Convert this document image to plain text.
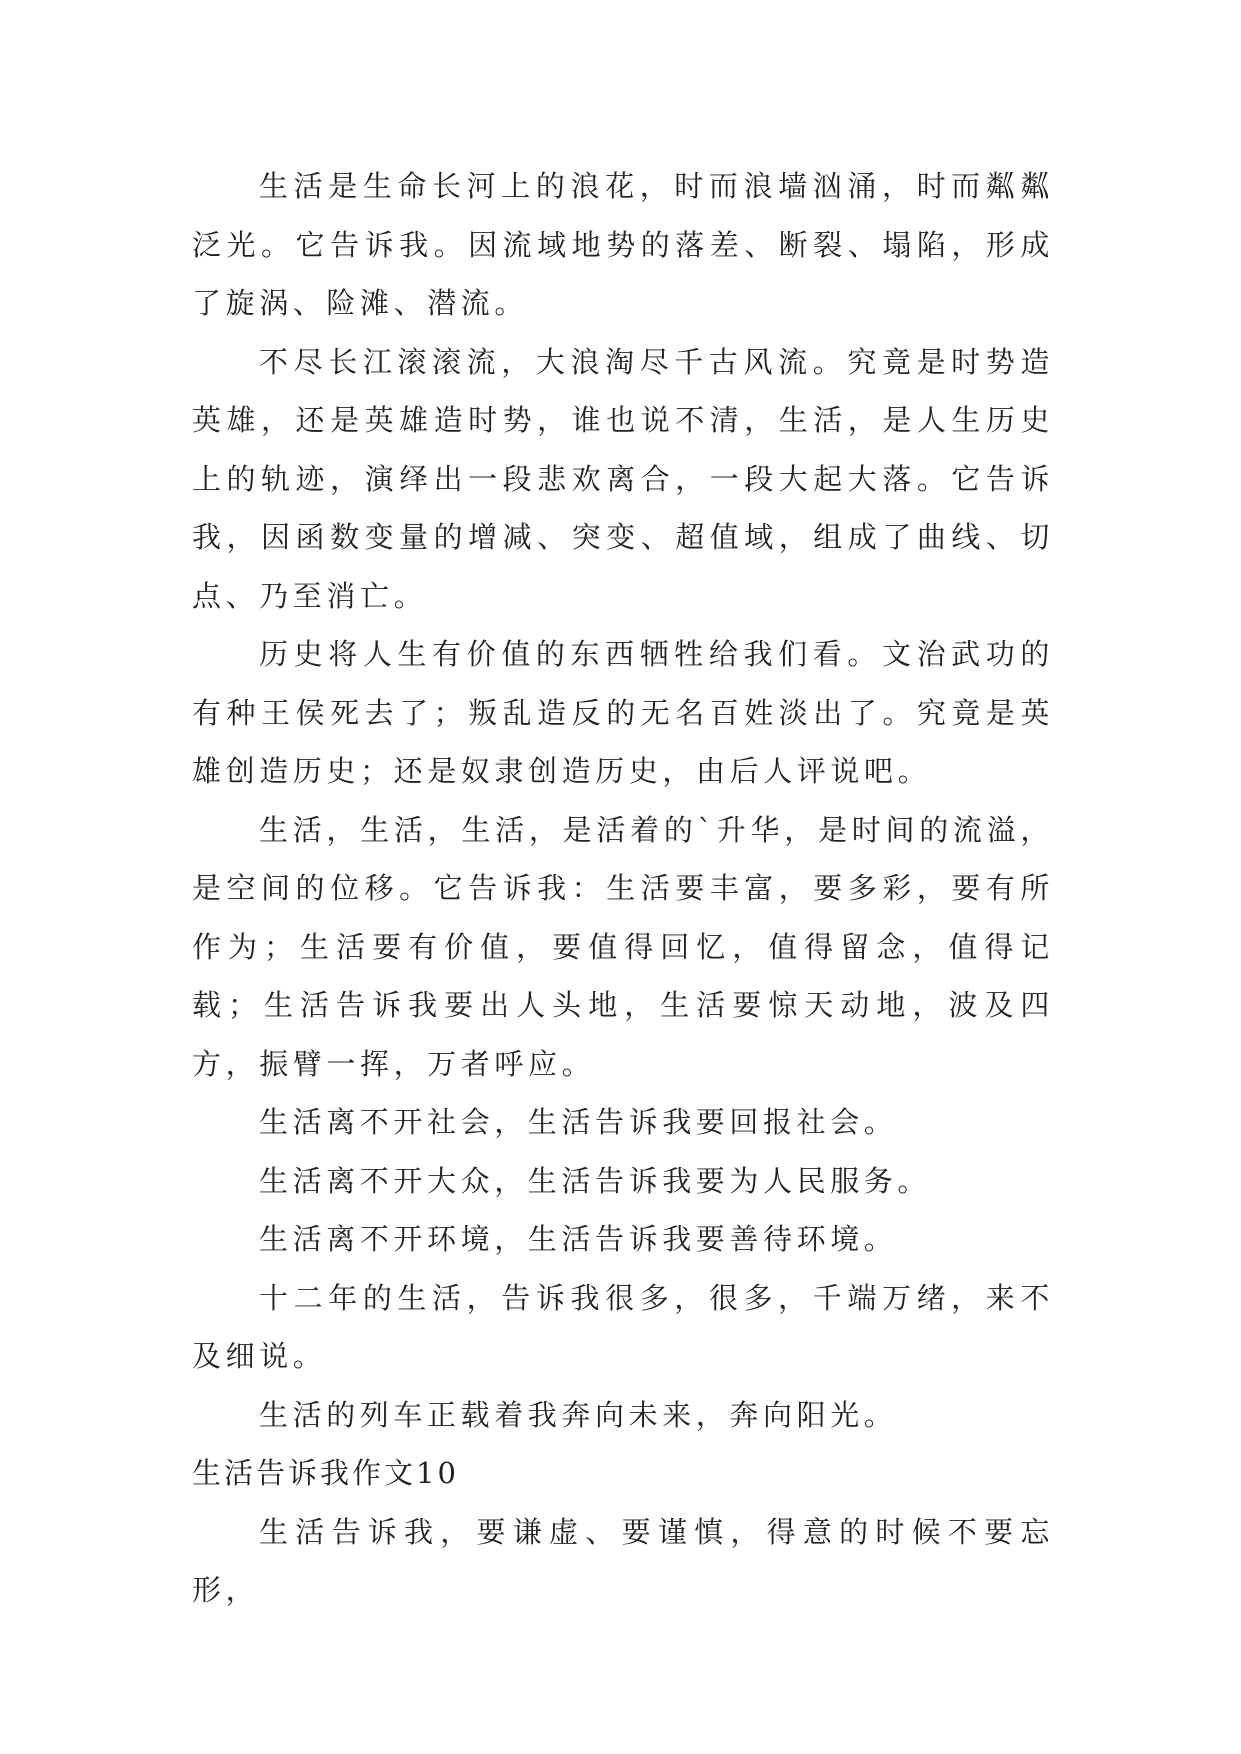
生活是生命长河上的浪花，时而浪墙汹涌，时而粼粼泛光。它告诉我。因流域地势的落差、断裂、塌陷，形成了旋涡、险滩、潜流。

不尽长江滚滚流，大浪淘尽千古风流。究竟是时势造英雄，还是英雄造时势，谁也说不清，生活，是人生历史上的轨迹，演绎出一段悲欢离合，一段大起大落。它告诉我，因函数变量的增减、突变、超值域，组成了曲线、切点、乃至消亡。

历史将人生有价值的东西牺牲给我们看。文治武功的有种王侯死去了；叛乱造反的无名百姓淡出了。究竟是英雄创造历史；还是奴隶创造历史，由后人评说吧。

生活，生活，生活，是活着的`升华，是时间的流溢，是空间的位移。它告诉我：生活要丰富，要多彩，要有所作为；生活要有价值，要值得回忆，值得留念，值得记载；生活告诉我要出人头地，生活要惊天动地，波及四方，振臂一挥，万者呼应。

生活离不开社会，生活告诉我要回报社会。

生活离不开大众，生活告诉我要为人民服务。

生活离不开环境，生活告诉我要善待环境。

十二年的生活，告诉我很多，很多，千端万绪，来不及细说。

生活的列车正载着我奔向未来，奔向阳光。

生活告诉我作文10

生活告诉我，要谦虚、要谨慎，得意的时候不要忘形，
